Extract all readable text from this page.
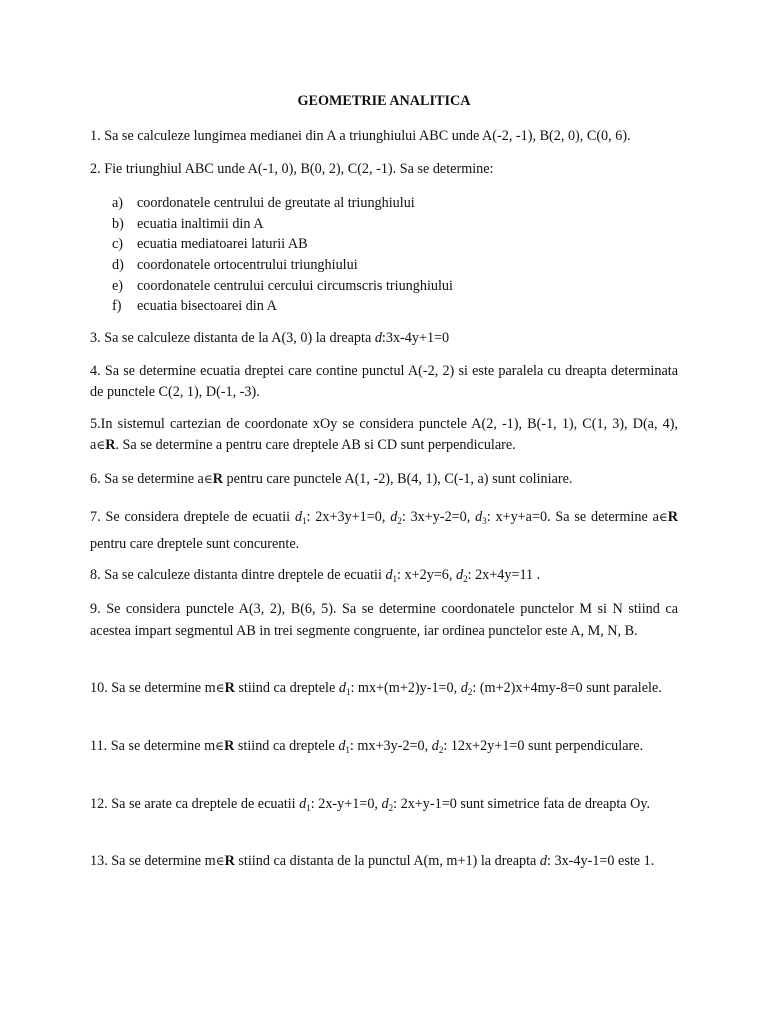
GEOMETRIE ANALITICA
1. Sa se calculeze lungimea medianei din A a triunghiului ABC unde A(-2, -1), B(2, 0), C(0, 6).
2. Fie triunghiul ABC unde A(-1, 0), B(0, 2), C(2, -1). Sa se determine:
a) coordonatele centrului de greutate al triunghiului
b) ecuatia inaltimii din A
c) ecuatia mediatoarei laturii AB
d) coordonatele ortocentrului triunghiului
e) coordonatele centrului cercului circumscris triunghiului
f) ecuatia bisectoarei din A
3. Sa se calculeze distanta de la A(3, 0) la dreapta d:3x-4y+1=0
4. Sa se determine ecuatia dreptei care contine punctul A(-2, 2) si este paralela cu dreapta determinata de punctele C(2, 1), D(-1, -3).
5.In sistemul cartezian de coordonate xOy se considera punctele A(2, -1), B(-1, 1), C(1, 3), D(a, 4), a∈R. Sa se determine a pentru care dreptele AB si CD sunt perpendiculare.
6. Sa se determine a∈R pentru care punctele A(1, -2), B(4, 1), C(-1, a) sunt coliniare.
7. Se considera dreptele de ecuatii $d_1$: 2x+3y+1=0, $d_2$: 3x+y-2=0, $d_3$: x+y+a=0. Sa se determine a∈R pentru care dreptele sunt concurente.
8. Sa se calculeze distanta dintre dreptele de ecuatii $d_1$: x+2y=6, $d_2$: 2x+4y=11 .
9. Se considera punctele A(3, 2), B(6, 5). Sa se determine coordonatele punctelor M si N stiind ca acestea impart segmentul AB in trei segmente congruente, iar ordinea punctelor este A, M, N, B.
10. Sa se determine m∈R stiind ca dreptele $d_1$: mx+(m+2)y-1=0, $d_2$: (m+2)x+4my-8=0 sunt paralele.
11. Sa se determine m∈R stiind ca dreptele $d_1$: mx+3y-2=0, $d_2$: 12x+2y+1=0 sunt perpendiculare.
12. Sa se arate ca dreptele de ecuatii $d_1$: 2x-y+1=0, $d_2$: 2x+y-1=0 sunt simetrice fata de dreapta Oy.
13. Sa se determine m∈R stiind ca distanta de la punctul A(m, m+1) la dreapta d: 3x-4y-1=0 este 1.
